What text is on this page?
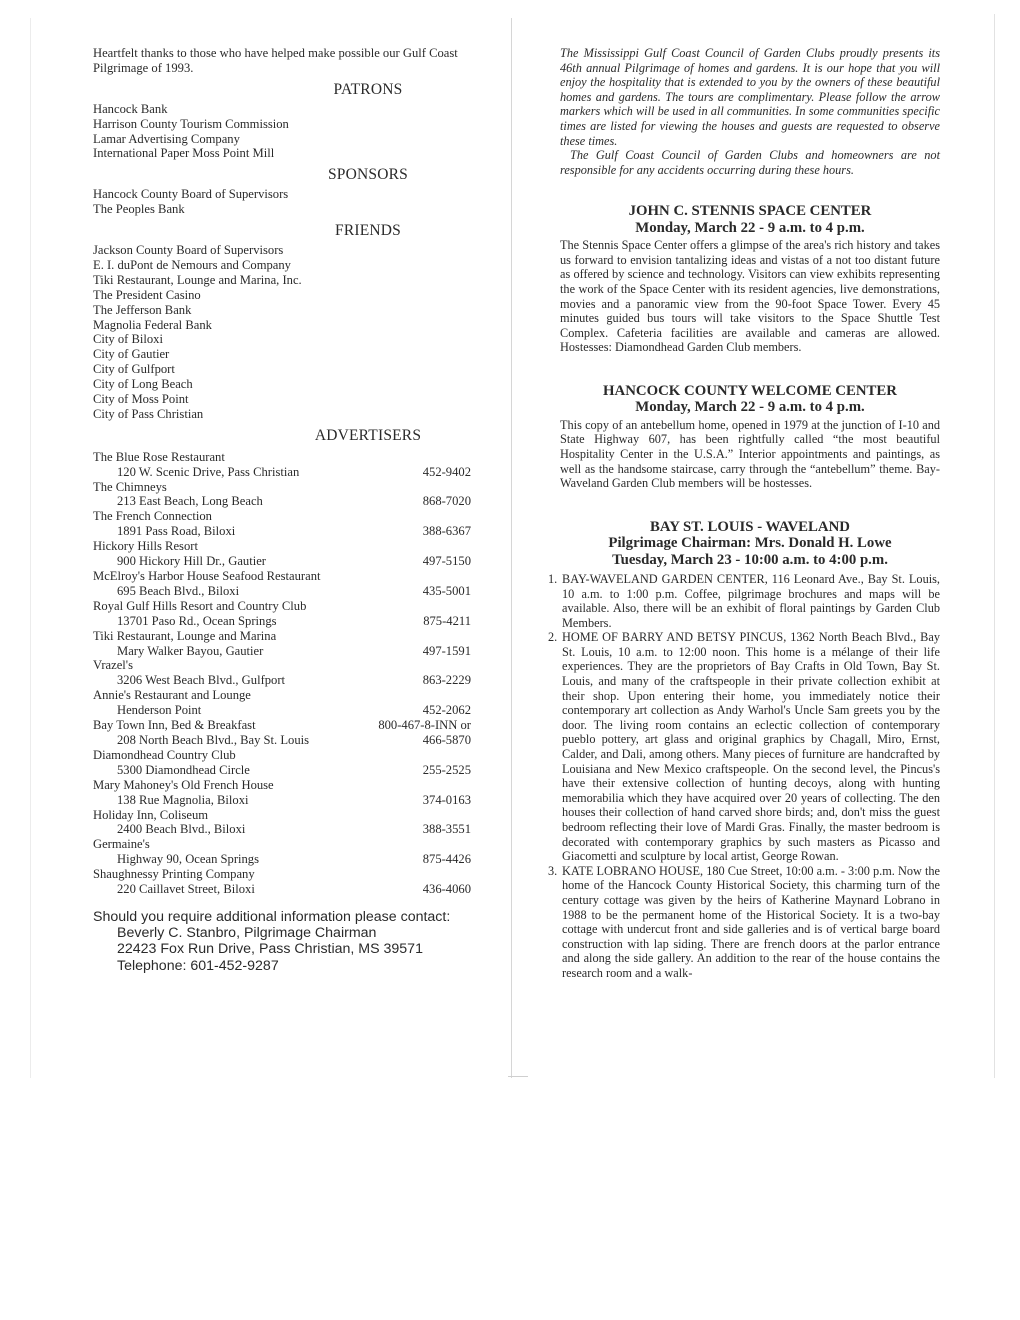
Heartfelt thanks to those who have helped make possible our Gulf Coast Pilgrimage of 1993.

PATRONS

Hancock Bank

Harrison County Tourism Commission

Lamar Advertising Company

International Paper Moss Point Mill

SPONSORS

Hancock County Board of Supervisors

The Peoples Bank

FRIENDS

Jackson County Board of Supervisors

E. I. duPont de Nemours and Company

Tiki Restaurant, Lounge and Marina, Inc.

The President Casino

The Jefferson Bank

Magnolia Federal Bank

City of Biloxi

City of Gautier

City of Gulfport

City of Long Beach

City of Moss Point

City of Pass Christian

ADVERTISERS
The Blue Rose Restaurant
120 W. Scenic Drive, Pass Christian	452-9402
The Chimneys
213 East Beach, Long Beach	868-7020
The French Connection
1891 Pass Road, Biloxi	388-6367
Hickory Hills Resort
900 Hickory Hill Dr., Gautier	497-5150
McElroy's Harbor House Seafood Restaurant
695 Beach Blvd., Biloxi	435-5001
Royal Gulf Hills Resort and Country Club
13701 Paso Rd., Ocean Springs	875-4211
Tiki Restaurant, Lounge and Marina
Mary Walker Bayou, Gautier	497-1591
Vrazel's
3206 West Beach Blvd., Gulfport	863-2229
Annie's Restaurant and Lounge
Henderson Point	452-2062
Bay Town Inn, Bed & Breakfast	800-467-8-INN or
208 North Beach Blvd., Bay St. Louis	466-5870
Diamondhead Country Club
5300 Diamondhead Circle	255-2525
Mary Mahoney's Old French House
138 Rue Magnolia, Biloxi	374-0163
Holiday Inn, Coliseum
2400 Beach Blvd., Biloxi	388-3551
Germaine's
Highway 90, Ocean Springs	875-4426
Shaughnessy Printing Company
220 Caillavet Street, Biloxi	436-4060
Should you require additional information please contact:
Beverly C. Stanbro, Pilgrimage Chairman
22423 Fox Run Drive, Pass Christian, MS 39571
Telephone: 601-452-9287

The Mississippi Gulf Coast Council of Garden Clubs proudly presents its 46th annual Pilgrimage of homes and gardens. It is our hope that you will enjoy the hospitality that is extended to you by the owners of these beautiful homes and gardens. The tours are complimentary. Please follow the arrow markers which will be used in all communities. In some communities specific times are listed for viewing the houses and guests are requested to observe these times.

The Gulf Coast Council of Garden Clubs and homeowners are not responsible for any accidents occurring during these hours.

JOHN C. STENNIS SPACE CENTER

Monday, March 22 - 9 a.m. to 4 p.m.

The Stennis Space Center offers a glimpse of the area's rich history and takes us forward to envision tantalizing ideas and vistas of a not too distant future as offered by science and technology. Visitors can view exhibits representing the work of the Space Center with its resident agencies, live demonstrations, movies and a panoramic view from the 90-foot Space Tower. Every 45 minutes guided bus tours will take visitors to the Space Shuttle Test Complex. Cafeteria facilities are available and cameras are allowed. Hostesses: Diamondhead Garden Club members.

HANCOCK COUNTY WELCOME CENTER

Monday, March 22 - 9 a.m. to 4 p.m.

This copy of an antebellum home, opened in 1979 at the junction of I-10 and State Highway 607, has been rightfully called “the most beautiful Hospitality Center in the U.S.A.” Interior appointments and paintings, as well as the handsome staircase, carry through the “antebellum” theme. Bay-Waveland Garden Club members will be hostesses.

BAY ST. LOUIS - WAVELAND

Pilgrimage Chairman: Mrs. Donald H. Lowe

Tuesday, March 23 - 10:00 a.m. to 4:00 p.m.

1. BAY-WAVELAND GARDEN CENTER, 116 Leonard Ave., Bay St. Louis, 10 a.m. to 1:00 p.m. Coffee, pilgrimage brochures and maps will be available. Also, there will be an exhibit of floral paintings by Garden Club Members.
2. HOME OF BARRY AND BETSY PINCUS, 1362 North Beach Blvd., Bay St. Louis, 10 a.m. to 12:00 noon. This home is a mélange of their life experiences. They are the proprietors of Bay Crafts in Old Town, Bay St. Louis, and many of the craftspeople in their private collection exhibit at their shop. Upon entering their home, you immediately notice their contemporary art collection as Andy Warhol's Uncle Sam greets you by the door. The living room contains an eclectic collection of contemporary pueblo pottery, art glass and original graphics by Chagall, Miro, Ernst, Calder, and Dali, among others. Many pieces of furniture are handcrafted by Louisiana and New Mexico craftspeople. On the second level, the Pincus's have their extensive collection of hunting decoys, along with hunting memorabilia which they have acquired over 20 years of collecting. The den houses their collection of hand carved shore birds; and, don't miss the guest bedroom reflecting their love of Mardi Gras. Finally, the master bedroom is decorated with contemporary graphics by such masters as Picasso and Giacometti and sculpture by local artist, George Rowan.
3. KATE LOBRANO HOUSE, 180 Cue Street, 10:00 a.m. - 3:00 p.m. Now the home of the Hancock County Historical Society, this charming turn of the century cottage was given by the heirs of Katherine Maynard Lobrano in 1988 to be the permanent home of the Historical Society. It is a two-bay cottage with undercut front and side galleries and is of vertical barge board construction with lap siding. There are french doors at the parlor entrance and along the side gallery. An addition to the rear of the house contains the research room and a walk-
